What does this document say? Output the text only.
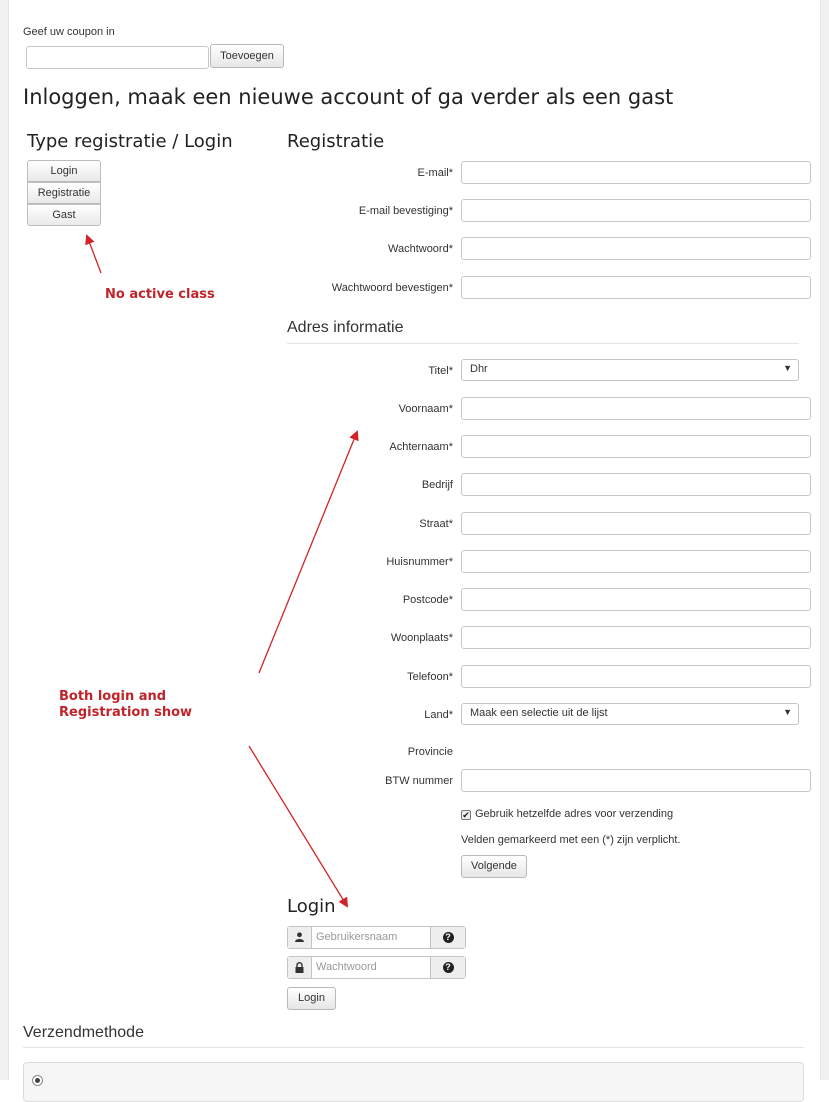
Geef uw coupon in
Toevoegen
Inloggen, maak een nieuwe account of ga verder als een gast
Type registratie / Login
Login
Registratie
Gast
No active class
Both login and Registration show
Registratie
E-mail*
E-mail bevestiging*
Wachtwoord*
Wachtwoord bevestigen*
Adres informatie
Titel*	Dhr	▼
Voornaam*
Achternaam*
Bedrijf
Straat*
Huisnummer*
Postcode*
Woonplaats*
Telefoon*
Land*	Maak een selectie uit de lijst	▼
Provincie
BTW nummer
✔ Gebruik hetzelfde adres voor verzending
Velden gemarkeerd met een (*) zijn verplicht.
Volgende
Login
Gebruikersnaam	?
Wachtwoord	?
Login
Verzendmethode
